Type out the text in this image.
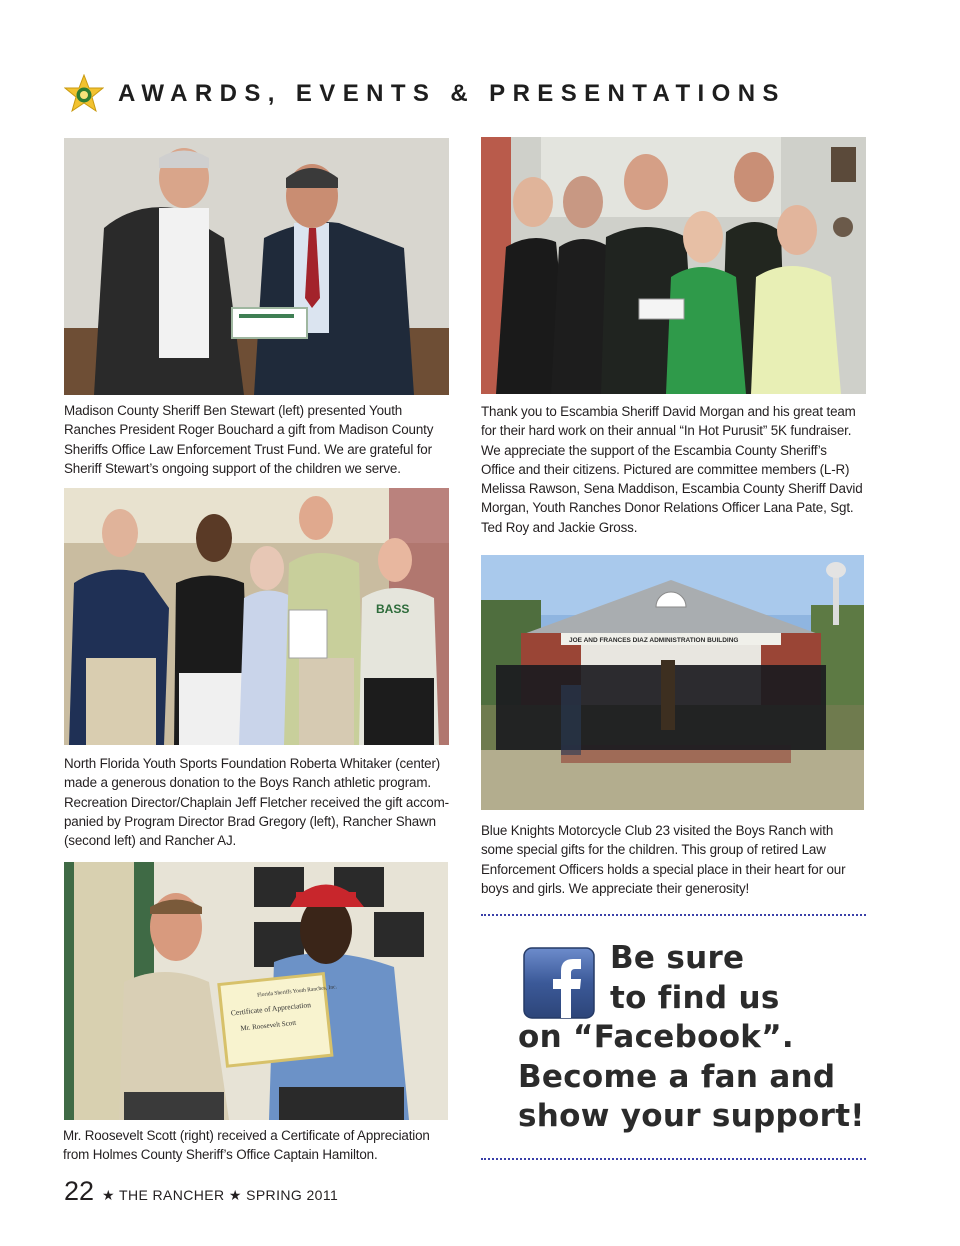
AWARDS, EVENTS & PRESENTATIONS
Madison County Sheriff Ben Stewart (left) presented Youth
Ranches President Roger Bouchard a gift from Madison County
Sheriffs Office Law Enforcement Trust Fund. We are grateful for
Sheriff Stewart’s ongoing support of the children we serve.
Thank you to Escambia Sheriff David Morgan and his great team
for their hard work on their annual “In Hot Purusit” 5K fundraiser.
We appreciate the support of the Escambia County Sheriff’s
Office and their citizens. Pictured are committee members (L-R)
Melissa Rawson, Sena Maddison, Escambia County Sheriff David
Morgan, Youth Ranches Donor Relations Officer Lana Pate, Sgt.
Ted Roy and Jackie Gross.
BASS
North Florida Youth Sports Foundation Roberta Whitaker (center)
made a generous donation to the Boys Ranch athletic program.
Recreation Director/Chaplain Jeff Fletcher received the gift accom-
panied by Program Director Brad Gregory (left), Rancher Shawn
(second left) and Rancher AJ.
JOE AND FRANCES DIAZ ADMINISTRATION BUILDING
Blue Knights Motorcycle Club 23 visited the Boys Ranch with
some special gifts for the children. This group of retired Law
Enforcement Officers holds a special place in their heart for our
boys and girls. We appreciate their generosity!
Florida Sheriffs Youth Ranches, Inc.
Certificate of Appreciation
Mr. Roosevelt Scott
Mr. Roosevelt Scott (right) received a Certificate of Appreciation
from Holmes County Sheriff’s Office Captain Hamilton.
Be sure
to find us
on “Facebook”.
Become a fan and
show your support!
22 ★ THE RANCHER ★ SPRING 2011
